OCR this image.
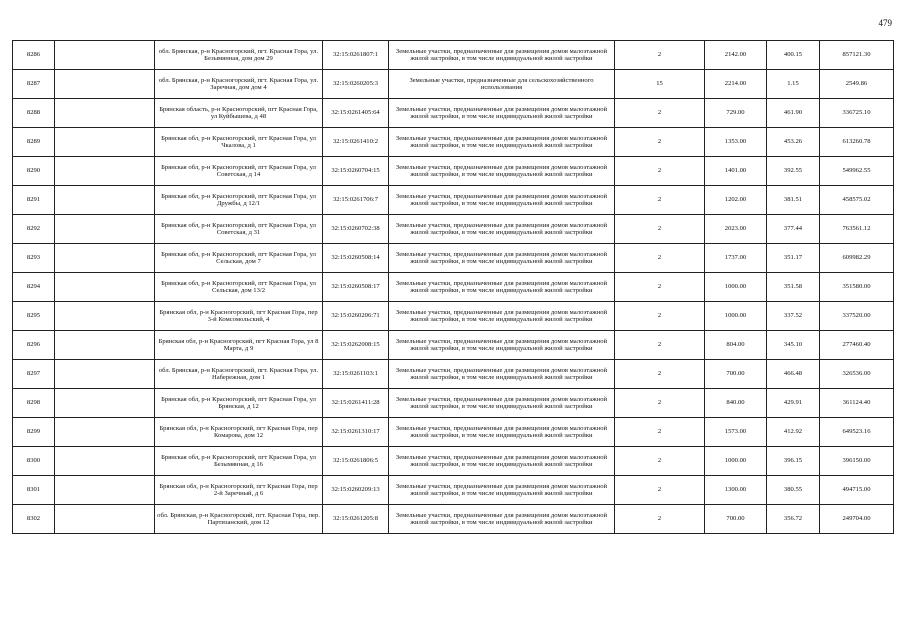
479
8286		обл. Брянская, р-н Красногорский, пгт. Красная Гора, ул. Безымянная, дом дом 29	32:15:0261807:1	Земельные участки, предназначенные для размещения домов малоэтажной жилой застройки, в том числе индивидуальной жилой застройки	2	2142.00	400.15	857121.30
8287		обл. Брянская, р-н Красногорский, пгт. Красная Гора, ул. Заречная, дом дом 4	32:15:0260205:3	Земельные участки, предназначенные для сельскохозяйственного использования	15	2214.00	1.15	2549.86
8288		Брянская область, р-н Красногорский, пгт Красная Гора, ул Куйбышева, д 48	32:15:0261405:64	Земельные участки, предназначенные для размещения домов малоэтажной жилой застройки, в том числе индивидуальной жилой застройки	2	729.00	461.90	336725.10
8289		Брянская обл, р-н Красногорский, пгт Красная Гора, ул Чкалова, д 1	32:15:0261410:2	Земельные участки, предназначенные для размещения домов малоэтажной жилой застройки, в том числе индивидуальной жилой застройки	2	1353.00	453.26	613260.78
8290		Брянская обл, р-н Красногорский, пгт Красная Гора, ул Советская, д 14	32:15:0260704:15	Земельные участки, предназначенные для размещения домов малоэтажной жилой застройки, в том числе индивидуальной жилой застройки	2	1401.00	392.55	549962.55
8291		Брянская обл, р-н Красногорский, пгт Красная Гора, ул Дружбы, д 12/1	32:15:0261706:7	Земельные участки, предназначенные для размещения домов малоэтажной жилой застройки, в том числе индивидуальной жилой застройки	2	1202.00	381.51	458575.02
8292		Брянская обл, р-н Красногорский, пгт Красная Гора, ул Советская, д 31	32:15:0260702:38	Земельные участки, предназначенные для размещения домов малоэтажной жилой застройки, в том числе индивидуальной жилой застройки	2	2023.00	377.44	763561.12
8293		Брянская обл, р-н Красногорский, пгт Красная Гора, ул Сельская, дом 7	32:15:0260508:14	Земельные участки, предназначенные для размещения домов малоэтажной жилой застройки, в том числе индивидуальной жилой застройки	2	1737.00	351.17	609982.29
8294		Брянская обл, р-н Красногорский, пгт Красная Гора, ул Сельская, дом 13/2	32:15:0260508:17	Земельные участки, предназначенные для размещения домов малоэтажной жилой застройки, в том числе индивидуальной жилой застройки	2	1000.00	351.58	351580.00
8295		Брянская обл, р-н Красногорский, пгт Красная Гора, пер 3-й Комсомольский, 4	32:15:0260206:71	Земельные участки, предназначенные для размещения домов малоэтажной жилой застройки, в том числе индивидуальной жилой застройки	2	1000.00	337.52	337520.00
8296		Брянская обл, р-н Красногорский, пгт Красная Гора, ул 8 Марта, д 9	32:15:0262008:15	Земельные участки, предназначенные для размещения домов малоэтажной жилой застройки, в том числе индивидуальной жилой застройки	2	804.00	345.10	277460.40
8297		обл. Брянская, р-н Красногорский, пгт. Красная Гора, ул. Набережная, дом 1	32:15:0261103:1	Земельные участки, предназначенные для размещения домов малоэтажной жилой застройки, в том числе индивидуальной жилой застройки	2	700.00	466.48	326536.00
8298		Брянская обл, р-н Красногорский, пгт Красная Гора, ул Брянская, д 12	32:15:0261411:28	Земельные участки, предназначенные для размещения домов малоэтажной жилой застройки, в том числе индивидуальной жилой застройки	2	840.00	429.91	361124.40
8299		Брянская обл, р-н Красногорский, пгт Красная Гора, пер Комарова, дом 12	32:15:0261310:17	Земельные участки, предназначенные для размещения домов малоэтажной жилой застройки, в том числе индивидуальной жилой застройки	2	1573.00	412.92	649523.16
8300		Брянская обл, р-н Красногорский, пгт Красная Гора, ул Безымянная, д 16	32:15:0261806:5	Земельные участки, предназначенные для размещения домов малоэтажной жилой застройки, в том числе индивидуальной жилой застройки	2	1000.00	396.15	396150.00
8301		Брянская обл, р-н Красногорский, пгт Красная Гора, пер 2-й Заречный, д 6	32:15:0260209:13	Земельные участки, предназначенные для размещения домов малоэтажной жилой застройки, в том числе индивидуальной жилой застройки	2	1300.00	380.55	494715.00
8302		обл. Брянская, р-н Красногорский, пгт. Красная Гора, пер. Партизанский, дом 12	32:15:0261205:8	Земельные участки, предназначенные для размещения домов малоэтажной жилой застройки, в том числе индивидуальной жилой застройки	2	700.00	356.72	249704.00
